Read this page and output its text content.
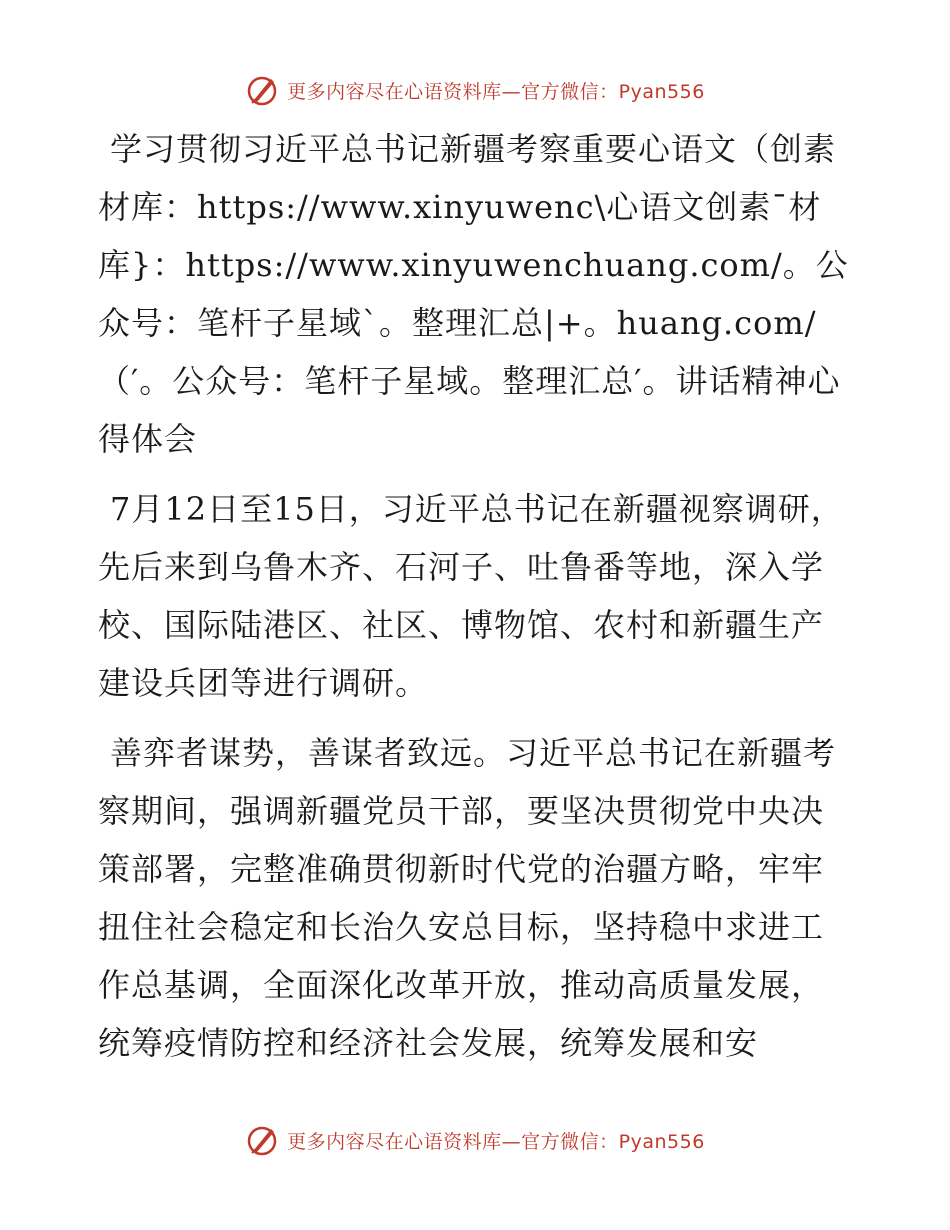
更多内容尽在心语资料库—官方微信：Pyan556

学习贯彻习近平总书记新疆考察重要心语文（创素材库：https://www.xinyuwenc\心语文创素¯材库}：https://www.xinyuwenchuang.com/。公众号：笔杆子星域`。整理汇总|+。huang.com/（′。公众号：笔杆子星域。整理汇总′。讲话精神心得体会

7月12日至15日，习近平总书记在新疆视察调研，先后来到乌鲁木齐、石河子、吐鲁番等地，深入学校、国际陆港区、社区、博物馆、农村和新疆生产建设兵团等进行调研。

善弈者谋势，善谋者致远。习近平总书记在新疆考察期间，强调新疆党员干部，要坚决贯彻党中央决策部署，完整准确贯彻新时代党的治疆方略，牢牢扭住社会稳定和长治久安总目标，坚持稳中求进工作总基调，全面深化改革开放，推动高质量发展，统筹疫情防控和经济社会发展，统筹发展和安

更多内容尽在心语资料库—官方微信：Pyan556
